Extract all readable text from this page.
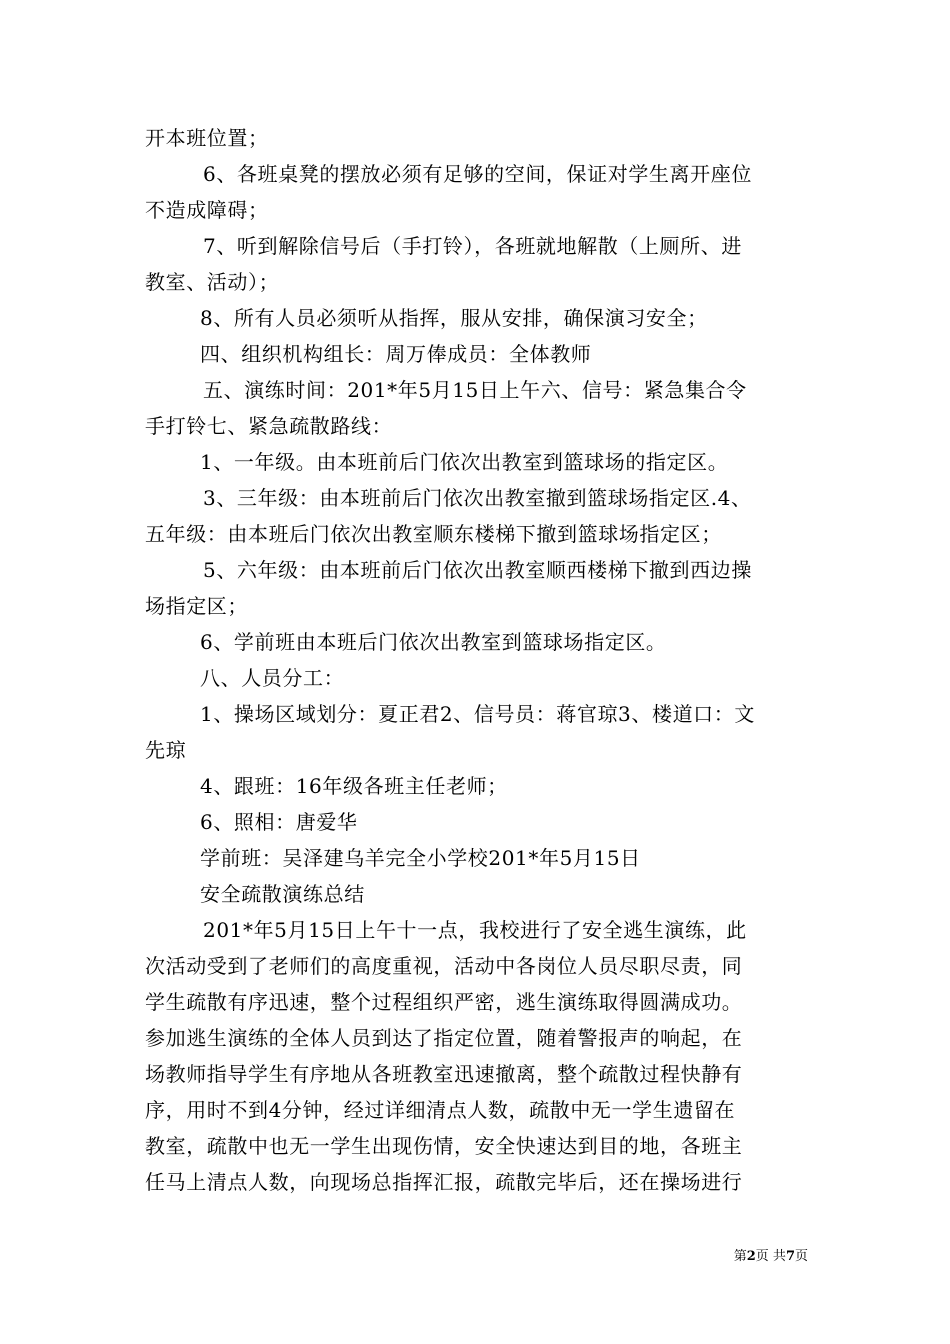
开本班位置；
6、各班桌凳的摆放必须有足够的空间，保证对学生离开座位
不造成障碍；
7、听到解除信号后（手打铃），各班就地解散（上厕所、进
教室、活动）；
8、所有人员必须听从指挥，服从安排，确保演习安全；
四、组织机构组长：周万俸成员：全体教师
五、演练时间：201*年5月15日上午六、信号：紧急集合令
手打铃七、紧急疏散路线：
1、一年级。由本班前后门依次出教室到篮球场的指定区。
3、三年级：由本班前后门依次出教室撤到篮球场指定区.4、
五年级：由本班后门依次出教室顺东楼梯下撤到篮球场指定区；
5、六年级：由本班前后门依次出教室顺西楼梯下撤到西边操
场指定区；
6、学前班由本班后门依次出教室到篮球场指定区。
八、人员分工：
1、操场区域划分：夏正君2、信号员：蒋官琼3、楼道口：文
先琼
4、跟班：16年级各班主任老师；
6、照相：唐爱华
学前班：吴泽建乌羊完全小学校201*年5月15日
安全疏散演练总结
201*年5月15日上午十一点，我校进行了安全逃生演练，此
次活动受到了老师们的高度重视，活动中各岗位人员尽职尽责，同
学生疏散有序迅速，整个过程组织严密，逃生演练取得圆满成功。
参加逃生演练的全体人员到达了指定位置，随着警报声的响起，在
场教师指导学生有序地从各班教室迅速撤离，整个疏散过程快静有
序，用时不到4分钟，经过详细清点人数，疏散中无一学生遗留在
教室，疏散中也无一学生出现伤情，安全快速达到目的地，各班主
任马上清点人数，向现场总指挥汇报，疏散完毕后，还在操场进行
第2页 共7页
